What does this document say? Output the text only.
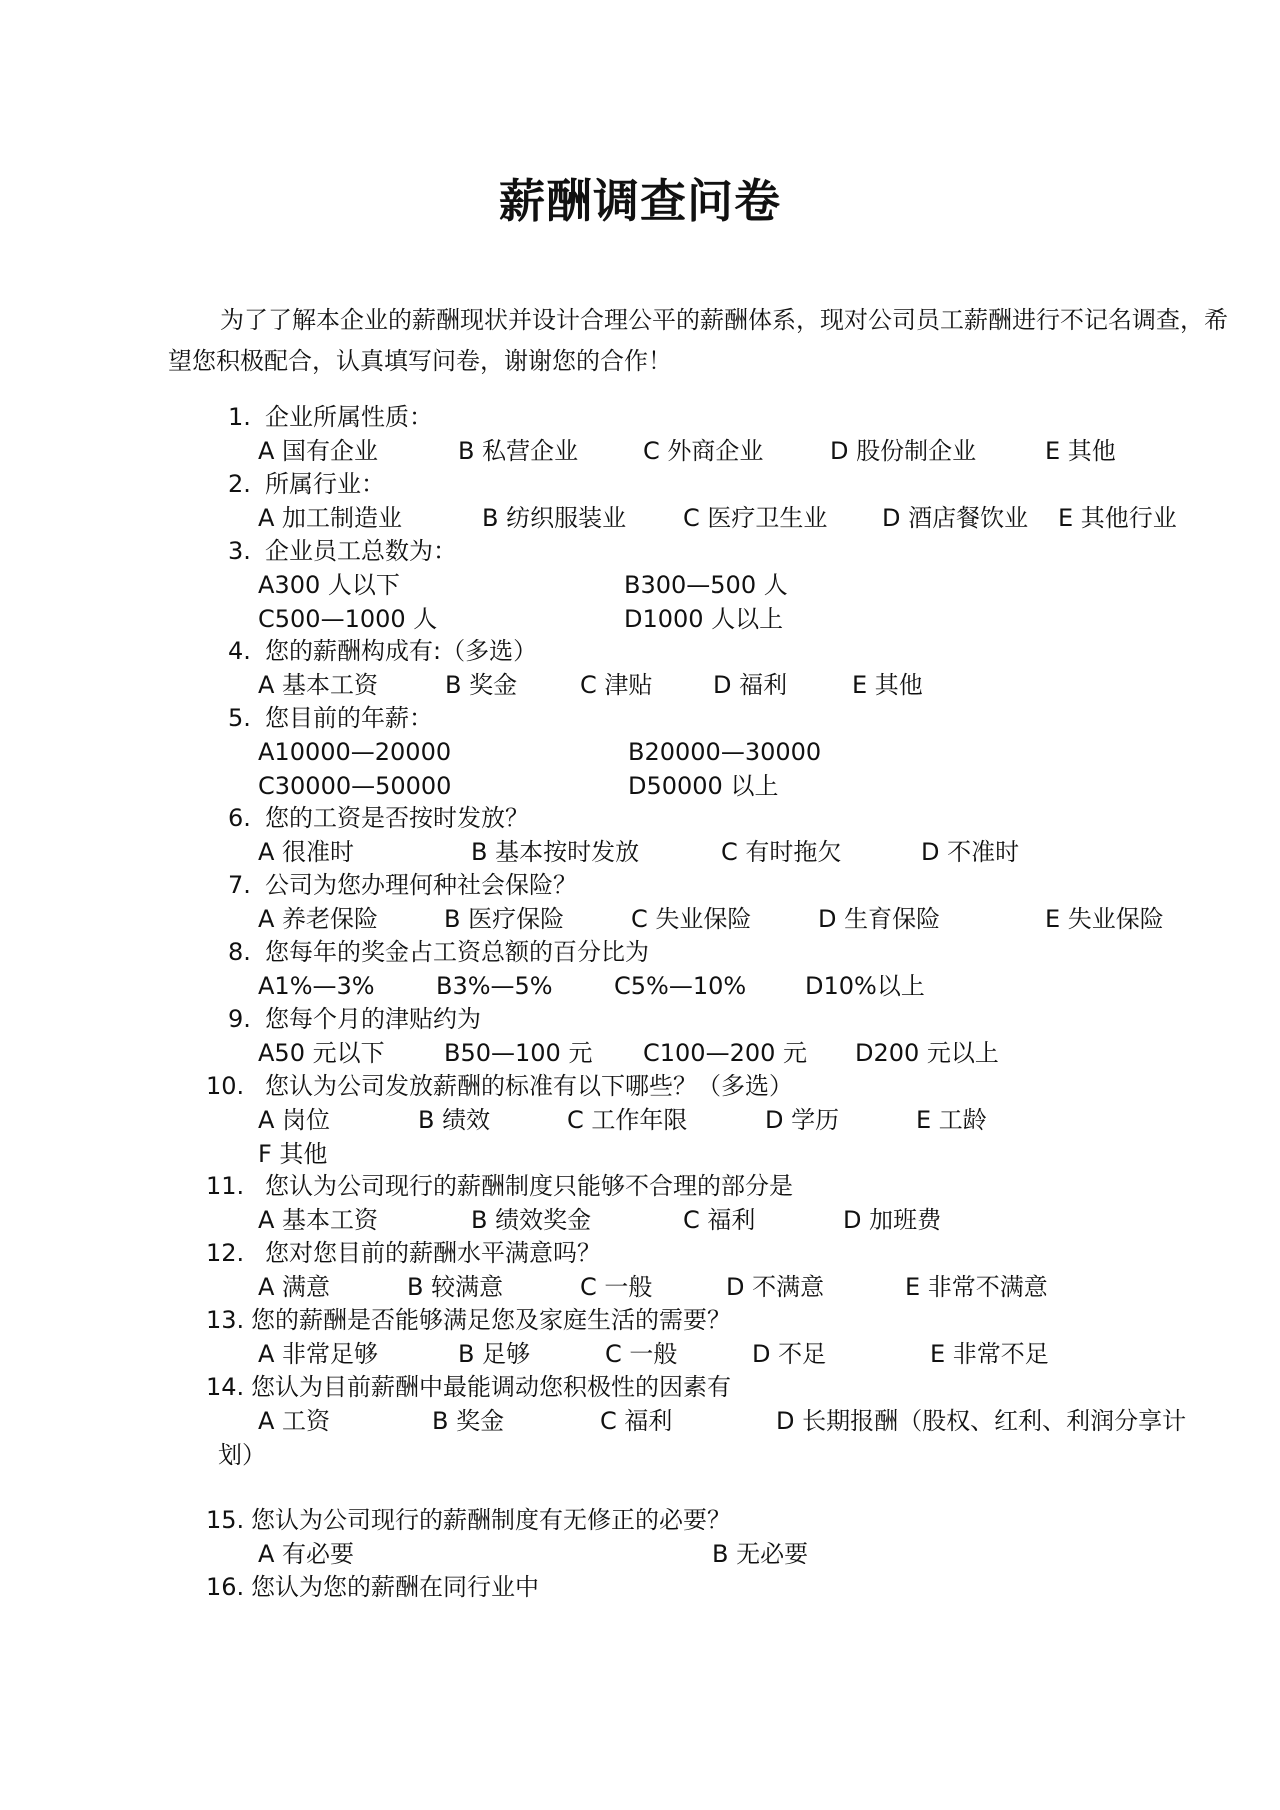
薪酬调查问卷
为了了解本企业的薪酬现状并设计合理公平的薪酬体系，现对公司员工薪酬进行不记名调查，希望您积极配合，认真填写问卷，谢谢您的合作！
1. 企业所属性质：
A 国有企业	B 私营企业	C 外商企业	D 股份制企业	E 其他
2. 所属行业：
A 加工制造业	B 纺织服装业 C 医疗卫生业 D 酒店餐饮业 E 其他行业
3. 企业员工总数为：
A300 人以下	B300—500 人
C500—1000 人	D1000 人以上
4. 您的薪酬构成有:（多选）
A 基本工资	B 奖金	C 津贴	D 福利	E 其他
5. 您目前的年薪：
A10000—20000	B20000—30000
C30000—50000	D50000 以上
6. 您的工资是否按时发放？
A 很准时	B 基本按时发放	C 有时拖欠	D 不准时
7. 公司为您办理何种社会保险？
A 养老保险	B 医疗保险	C 失业保险	D 生育保险	E 失业保险
8. 您每年的奖金占工资总额的百分比为
A1%—3%	B3%—5%	C5%—10% D10%以上
9. 您每个月的津贴约为
A50 元以下 B50—100 元 C100—200 元 D200 元以上
10. 您认为公司发放薪酬的标准有以下哪些？（多选）
A 岗位	B 绩效	C 工作年限	D 学历	E 工龄
F 其他
11. 您认为公司现行的薪酬制度只能够不合理的部分是
A 基本工资	B 绩效奖金	C 福利	D 加班费
12. 您对您目前的薪酬水平满意吗？
A 满意	B 较满意	C 一般	D 不满意	E 非常不满意
13. 您的薪酬是否能够满足您及家庭生活的需要？
A 非常足够	B 足够	C 一般	D 不足	E 非常不足
14. 您认为目前薪酬中最能调动您积极性的因素有
A 工资	B 奖金	C 福利	D 长期报酬（股权、红利、利润分享计
划）
15. 您认为公司现行的薪酬制度有无修正的必要？
A 有必要	B 无必要
16. 您认为您的薪酬在同行业中
